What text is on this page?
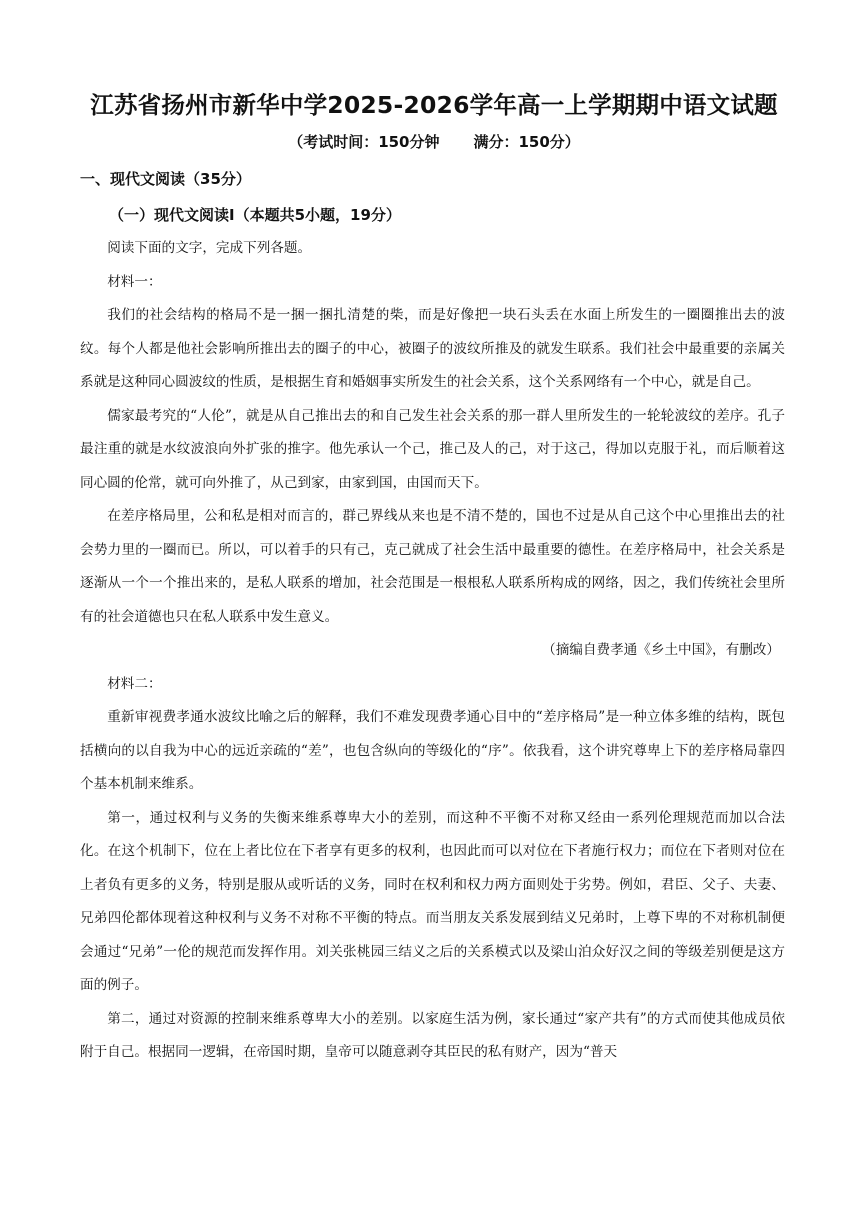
江苏省扬州市新华中学2025-2026学年高一上学期期中语文试题
（考试时间：150分钟 满分：150分）
一、现代文阅读（35分）
（一）现代文阅读Ⅰ（本题共5小题，19分）

阅读下面的文字，完成下列各题。

材料一：

我们的社会结构的格局不是一捆一捆扎清楚的柴，而是好像把一块石头丢在水面上所发生的一圈圈推出去的波纹。每个人都是他社会影响所推出去的圈子的中心，被圈子的波纹所推及的就发生联系。我们社会中最重要的亲属关系就是这种同心圆波纹的性质，是根据生育和婚姻事实所发生的社会关系，这个关系网络有一个中心，就是自己。

儒家最考究的“人伦”，就是从自己推出去的和自己发生社会关系的那一群人里所发生的一轮轮波纹的差序。孔子最注重的就是水纹波浪向外扩张的推字。他先承认一个己，推己及人的己，对于这己，得加以克服于礼，而后顺着这同心圆的伦常，就可向外推了，从己到家，由家到国，由国而天下。

在差序格局里，公和私是相对而言的，群己界线从来也是不清不楚的，国也不过是从自己这个中心里推出去的社会势力里的一圈而已。所以，可以着手的只有己，克己就成了社会生活中最重要的德性。在差序格局中，社会关系是逐渐从一个一个推出来的，是私人联系的增加，社会范围是一根根私人联系所构成的网络，因之，我们传统社会里所有的社会道德也只在私人联系中发生意义。

（摘编自费孝通《乡土中国》，有删改）

材料二：

重新审视费孝通水波纹比喻之后的解释，我们不难发现费孝通心目中的“差序格局”是一种立体多维的结构，既包括横向的以自我为中心的远近亲疏的“差”，也包含纵向的等级化的“序”。依我看，这个讲究尊卑上下的差序格局靠四个基本机制来维系。

第一，通过权利与义务的失衡来维系尊卑大小的差别，而这种不平衡不对称又经由一系列伦理规范而加以合法化。在这个机制下，位在上者比位在下者享有更多的权利，也因此而可以对位在下者施行权力；而位在下者则对位在上者负有更多的义务，特别是服从或听话的义务，同时在权利和权力两方面则处于劣势。例如，君臣、父子、夫妻、兄弟四伦都体现着这种权利与义务不对称不平衡的特点。而当朋友关系发展到结义兄弟时，上尊下卑的不对称机制便会通过“兄弟”一伦的规范而发挥作用。刘关张桃园三结义之后的关系模式以及梁山泊众好汉之间的等级差别便是这方面的例子。

第二，通过对资源的控制来维系尊卑大小的差别。以家庭生活为例，家长通过“家产共有”的方式而使其他成员依附于自己。根据同一逻辑，在帝国时期，皇帝可以随意剥夺其臣民的私有财产，因为“普天
